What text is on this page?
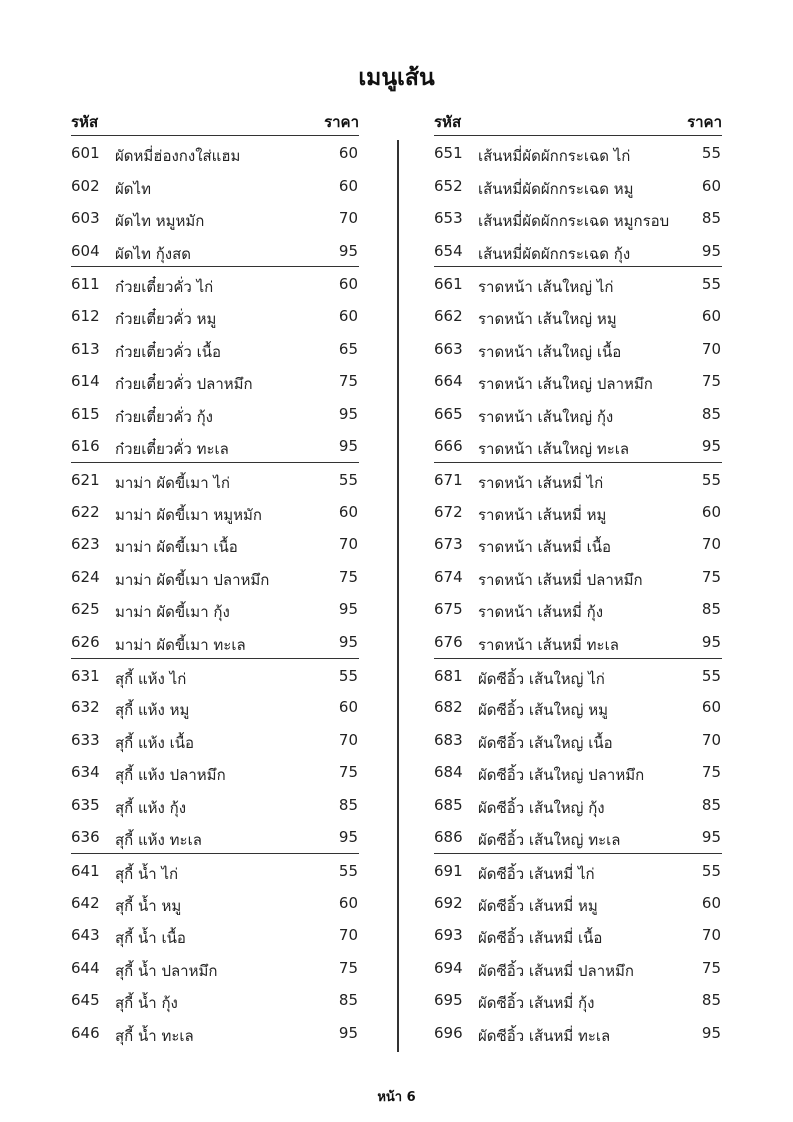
เมนูเส้น
รหัส	ราคา
601 ผัดหมี่ฮ่องกงใส่แฮม	60
602 ผัดไท	60
603 ผัดไท หมูหมัก	70
604 ผัดไท กุ้งสด	95
611 ก๋วยเตี๋ยวคั่ว ไก่	60
612 ก๋วยเตี๋ยวคั่ว หมู	60
613 ก๋วยเตี๋ยวคั่ว เนื้อ	65
614 ก๋วยเตี๋ยวคั่ว ปลาหมึก	75
615 ก๋วยเตี๋ยวคั่ว กุ้ง	95
616 ก๋วยเตี๋ยวคั่ว ทะเล	95
621 มาม่า ผัดขี้เมา ไก่	55
622 มาม่า ผัดขี้เมา หมูหมัก	60
623 มาม่า ผัดขี้เมา เนื้อ	70
624 มาม่า ผัดขี้เมา ปลาหมึก	75
625 มาม่า ผัดขี้เมา กุ้ง	95
626 มาม่า ผัดขี้เมา ทะเล	95
631 สุกี้ แห้ง ไก่	55
632 สุกี้ แห้ง หมู	60
633 สุกี้ แห้ง เนื้อ	70
634 สุกี้ แห้ง ปลาหมึก	75
635 สุกี้ แห้ง กุ้ง	85
636 สุกี้ แห้ง ทะเล	95
641 สุกี้ น้ำ ไก่	55
642 สุกี้ น้ำ หมู	60
643 สุกี้ น้ำ เนื้อ	70
644 สุกี้ น้ำ ปลาหมึก	75
645 สุกี้ น้ำ กุ้ง	85
646 สุกี้ น้ำ ทะเล	95
รหัส	ราคา
651 เส้นหมี่ผัดผักกระเฉด ไก่	55
652 เส้นหมี่ผัดผักกระเฉด หมู	60
653 เส้นหมี่ผัดผักกระเฉด หมูกรอบ 85
654 เส้นหมี่ผัดผักกระเฉด กุ้ง	95
661 ราดหน้า เส้นใหญ่ ไก่	55
662 ราดหน้า เส้นใหญ่ หมู	60
663 ราดหน้า เส้นใหญ่ เนื้อ	70
664 ราดหน้า เส้นใหญ่ ปลาหมึก	75
665 ราดหน้า เส้นใหญ่ กุ้ง	85
666 ราดหน้า เส้นใหญ่ ทะเล	95
671 ราดหน้า เส้นหมี่ ไก่	55
672 ราดหน้า เส้นหมี่ หมู	60
673 ราดหน้า เส้นหมี่ เนื้อ	70
674 ราดหน้า เส้นหมี่ ปลาหมึก	75
675 ราดหน้า เส้นหมี่ กุ้ง	85
676 ราดหน้า เส้นหมี่ ทะเล	95
681 ผัดซีอิ้ว เส้นใหญ่ ไก่	55
682 ผัดซีอิ้ว เส้นใหญ่ หมู	60
683 ผัดซีอิ้ว เส้นใหญ่ เนื้อ	70
684 ผัดซีอิ้ว เส้นใหญ่ ปลาหมึก	75
685 ผัดซีอิ้ว เส้นใหญ่ กุ้ง	85
686 ผัดซีอิ้ว เส้นใหญ่ ทะเล	95
691 ผัดซีอิ้ว เส้นหมี่ ไก่	55
692 ผัดซีอิ้ว เส้นหมี่ หมู	60
693 ผัดซีอิ้ว เส้นหมี่ เนื้อ	70
694 ผัดซีอิ้ว เส้นหมี่ ปลาหมึก	75
695 ผัดซีอิ้ว เส้นหมี่ กุ้ง	85
696 ผัดซีอิ้ว เส้นหมี่ ทะเล	95
หน้า 6
